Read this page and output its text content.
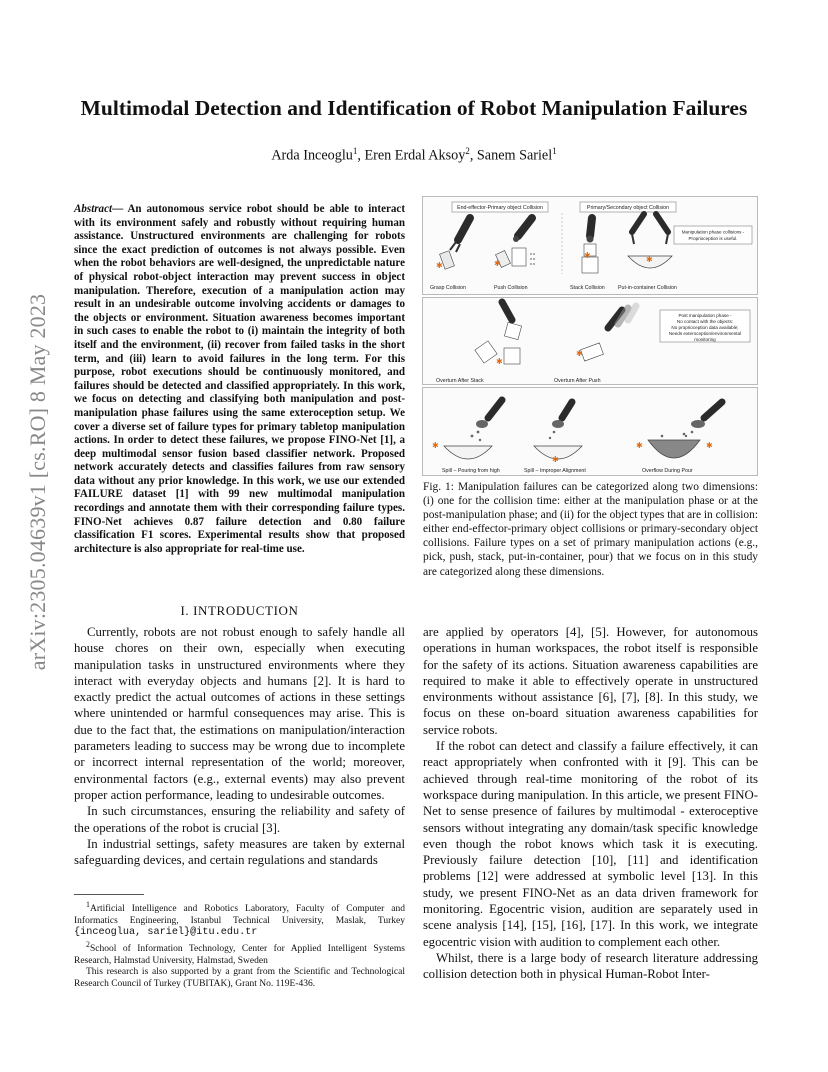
arXiv:2305.04639v1 [cs.RO] 8 May 2023
Multimodal Detection and Identification of Robot Manipulation Failures
Arda Inceoglu$^1$, Eren Erdal Aksoy$^2$, Sanem Sariel$^1$

Abstract— An autonomous service robot should be able to interact with its environment safely and robustly without requiring human assistance. Unstructured environments are challenging for robots since the exact prediction of outcomes is not always possible. Even when the robot behaviors are well-designed, the unpredictable nature of physical robot-object interaction may prevent success in object manipulation. Therefore, execution of a manipulation action may result in an undesirable outcome involving accidents or damages to the objects or environment. Situation awareness becomes important in such cases to enable the robot to (i) maintain the integrity of both itself and the environment, (ii) recover from failed tasks in the short term, and (iii) learn to avoid failures in the long term. For this purpose, robot executions should be continuously monitored, and failures should be detected and classified appropriately. In this work, we focus on detecting and classifying both manipulation and post-manipulation phase failures using the same exteroception setup. We cover a diverse set of failure types for primary tabletop manipulation actions. In order to detect these failures, we propose FINO-Net [1], a deep multimodal sensor fusion based classifier network. Proposed network accurately detects and classifies failures from raw sensory data without any prior knowledge. In this work, we use our extended FAILURE dataset [1] with 99 new multimodal manipulation recordings and annotate them with their corresponding failure types. FINO-Net achieves 0.87 failure detection and 0.80 failure classification F1 scores. Experimental results show that proposed architecture is also appropriate for real-time use.

I. INTRODUCTION

Currently, robots are not robust enough to safely handle all house chores on their own, especially when executing manipulation tasks in unstructured environments where they interact with everyday objects and humans [2]. It is hard to exactly predict the actual outcomes of actions in these settings where unintended or harmful consequences may arise. This is due to the fact that, the estimations on manipulation/interaction parameters leading to success may be wrong due to incomplete or incorrect internal representation of the world; moreover, environmental factors (e.g., external events) may also prevent proper action performance, leading to undesirable outcomes.

In such circumstances, ensuring the reliability and safety of the operations of the robot is crucial [3].

In industrial settings, safety measures are taken by external safeguarding devices, and certain regulations and standards

$^1$Artificial Intelligence and Robotics Laboratory, Faculty of Computer and Informatics Engineering, Istanbul Technical University, Maslak, Turkey {inceoglua, sariel}@itu.edu.tr

$^2$School of Information Technology, Center for Applied Intelligent Systems Research, Halmstad University, Halmstad, Sweden

This research is also supported by a grant from the Scientific and Technological Research Council of Turkey (TUBITAK), Grant No. 119E-436.

End-effector-Primary object Collision	Primary/Secondary object Collision
✱	✱
✱	✱
Manipulation phase collisions -
Proprioception is useful.
Grasp Collision	Push Collision	Stack Collision	Put-in-container Collision
✱
✱
Post manipulation phase -
No contact with the objects:
No proprioception data available;
Needs exteroception/environmental
monitoring
Overturn After Stack	Overturn After Push
✱
✱
✱	✱
Spill – Pouring from high	Spill – Improper Alignment	Overflow During Pour

Fig. 1: Manipulation failures can be categorized along two dimensions: (i) one for the collision time: either at the manipulation phase or at the post-manipulation phase; and (ii) for the object types that are in collision: either end-effector-primary object collisions or primary-secondary object collisions. Failure types on a set of primary manipulation actions (e.g., pick, push, stack, put-in-container, pour) that we focus on in this study are categorized along these dimensions.

are applied by operators [4], [5]. However, for autonomous operations in human workspaces, the robot itself is responsible for the safety of its actions. Situation awareness capabilities are required to make it able to effectively operate in unstructured environments without assistance [6], [7], [8]. In this study, we focus on these on-board situation awareness capabilities for service robots.

If the robot can detect and classify a failure effectively, it can react appropriately when confronted with it [9]. This can be achieved through real-time monitoring of the robot of its workspace during manipulation. In this article, we present FINO-Net to sense presence of failures by multimodal - exteroceptive sensors without integrating any domain/task specific knowledge even though the robot knows which task it is executing. Previously failure detection [10], [11] and identification problems [12] were addressed at symbolic level [13]. In this study, we present FINO-Net as an data driven framework for monitoring. Egocentric vision, audition are separately used in scene analysis [14], [15], [16], [17]. In this work, we integrate egocentric vision with audition to complement each other.

Whilst, there is a large body of research literature addressing collision detection both in physical Human-Robot Inter-
